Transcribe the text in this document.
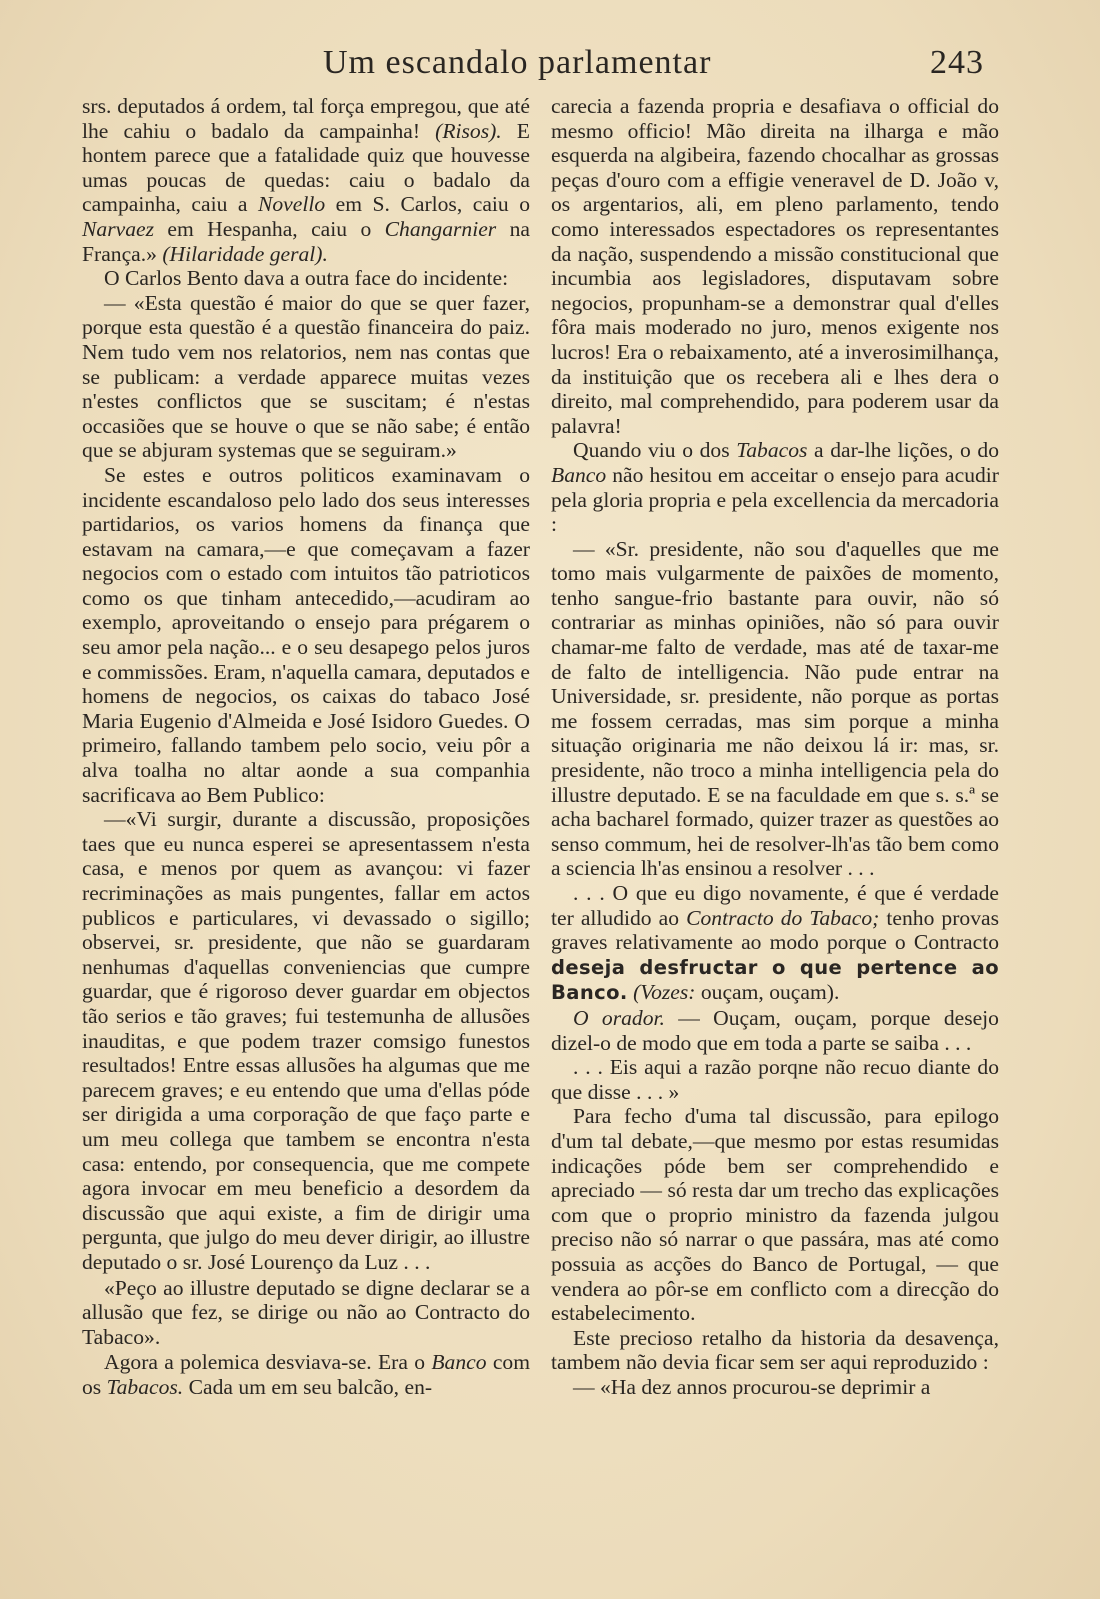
Um escandalo parlamentar	243

srs. deputados á ordem, tal força empregou, que até lhe cahiu o badalo da campainha! (Risos). E hontem parece que a fatalidade quiz que houvesse umas poucas de quedas: caiu o badalo da campainha, caiu a Novello em S. Carlos, caiu o Narvaez em Hespanha, caiu o Changarnier na França.» (Hilaridade geral).

O Carlos Bento dava a outra face do incidente:

— «Esta questão é maior do que se quer fazer, porque esta questão é a questão financeira do paiz. Nem tudo vem nos relatorios, nem nas contas que se publicam: a verdade apparece muitas vezes n'estes conflictos que se suscitam; é n'estas occasiões que se houve o que se não sabe; é então que se abjuram systemas que se seguiram.»

Se estes e outros politicos examinavam o incidente escandaloso pelo lado dos seus interesses partidarios, os varios homens da finança que estavam na camara,—e que começavam a fazer negocios com o estado com intuitos tão patrioticos como os que tinham antecedido,—acudiram ao exemplo, aproveitando o ensejo para prégarem o seu amor pela nação... e o seu desapego pelos juros e commissões. Eram, n'aquella camara, deputados e homens de negocios, os caixas do tabaco José Maria Eugenio d'Almeida e José Isidoro Guedes. O primeiro, fallando tambem pelo socio, veiu pôr a alva toalha no altar aonde a sua companhia sacrificava ao Bem Publico:

—«Vi surgir, durante a discussão, proposições taes que eu nunca esperei se apresentassem n'esta casa, e menos por quem as avançou: vi fazer recriminações as mais pungentes, fallar em actos publicos e particulares, vi devassado o sigillo; observei, sr. presidente, que não se guardaram nenhumas d'aquellas conveniencias que cumpre guardar, que é rigoroso dever guardar em objectos tão serios e tão graves; fui testemunha de allusões inauditas, e que podem trazer comsigo funestos resultados! Entre essas allusões ha algumas que me parecem graves; e eu entendo que uma d'ellas póde ser dirigida a uma corporação de que faço parte e um meu collega que tambem se encontra n'esta casa: entendo, por consequencia, que me compete agora invocar em meu beneficio a desordem da discussão que aqui existe, a fim de dirigir uma pergunta, que julgo do meu dever dirigir, ao illustre deputado o sr. José Lourenço da Luz . . .

«Peço ao illustre deputado se digne declarar se a allusão que fez, se dirige ou não ao Contracto do Tabaco».

Agora a polemica desviava-se. Era o Banco com os Tabacos. Cada um em seu balcão, en-

carecia a fazenda propria e desafiava o official do mesmo officio! Mão direita na ilharga e mão esquerda na algibeira, fazendo chocalhar as grossas peças d'ouro com a effigie veneravel de D. João v, os argentarios, ali, em pleno parlamento, tendo como interessados espectadores os representantes da nação, suspendendo a missão constitucional que incumbia aos legisladores, disputavam sobre negocios, propunham-se a demonstrar qual d'elles fôra mais moderado no juro, menos exigente nos lucros! Era o rebaixamento, até a inverosimilhança, da instituição que os recebera ali e lhes dera o direito, mal comprehendido, para poderem usar da palavra!

Quando viu o dos Tabacos a dar-lhe lições, o do Banco não hesitou em acceitar o ensejo para acudir pela gloria propria e pela excellencia da mercadoria :

— «Sr. presidente, não sou d'aquelles que me tomo mais vulgarmente de paixões de momento, tenho sangue-frio bastante para ouvir, não só contrariar as minhas opiniões, não só para ouvir chamar-me falto de verdade, mas até de taxar-me de falto de intelligencia. Não pude entrar na Universidade, sr. presidente, não porque as portas me fossem cerradas, mas sim porque a minha situação originaria me não deixou lá ir: mas, sr. presidente, não troco a minha intelligencia pela do illustre deputado. E se na faculdade em que s. s.ª se acha bacharel formado, quizer trazer as questões ao senso commum, hei de resolver-lh'as tão bem como a sciencia lh'as ensinou a resolver . . .

. . . O que eu digo novamente, é que é verdade ter alludido ao Contracto do Tabaco; tenho provas graves relativamente ao modo porque o Contracto deseja desfructar o que pertence ao Banco. (Vozes: ouçam, ouçam).

O orador. — Ouçam, ouçam, porque desejo dizel-o de modo que em toda a parte se saiba . . .

. . . Eis aqui a razão porqne não recuo diante do que disse . . . »

Para fecho d'uma tal discussão, para epilogo d'um tal debate,—que mesmo por estas resumidas indicações póde bem ser comprehendido e apreciado — só resta dar um trecho das explicações com que o proprio ministro da fazenda julgou preciso não só narrar o que passára, mas até como possuia as acções do Banco de Portugal, — que vendera ao pôr-se em conflicto com a direcção do estabelecimento.

Este precioso retalho da historia da desavença, tambem não devia ficar sem ser aqui reproduzido :

— «Ha dez annos procurou-se deprimir a
